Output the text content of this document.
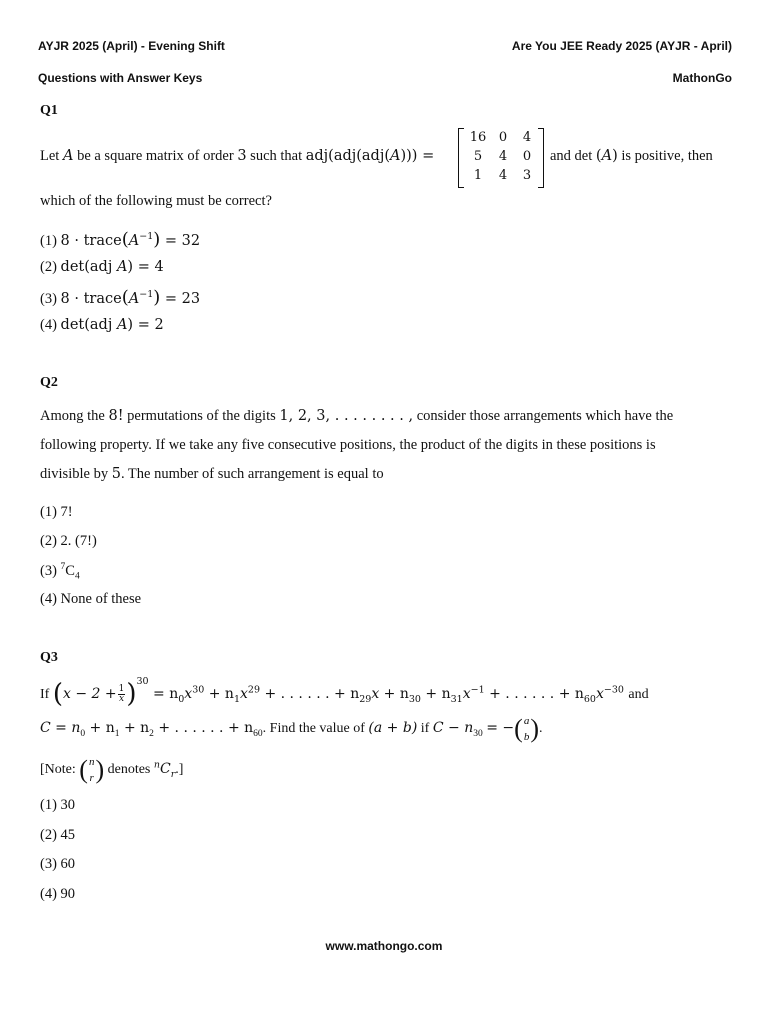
AYJR 2025 (April) - Evening Shift	Are You JEE Ready 2025 (AYJR - April)
Questions with Answer Keys	MathonGo
Q1
Let A be a square matrix of order 3 such that adj(adj(adj(A))) =
16	0	4
5	4	0
1	4	3
and det (A) is positive, then
which of the following must be correct?
(1) $8 \cdot trace(A^{-1}) = 32$
(2) det(adj A) = 4
(3) $8 \cdot trace(A^{-1}) = 23$
(4) det(adj A) = 2
Q2
Among the 8! permutations of the digits 1, 2, 3, . . . . . . . . , consider those arrangements which have the
following property. If we take any five consecutive positions, the product of the digits in these positions is
divisible by 5. The number of such arrangement is equal to
(1) 7!
(2) 2. (7!)
(3) $^7C_4$
(4) None of these
Q3
If $(x - 2 + \frac{1}{x} )^{30} = n_0x^{30} + n_1x^{29}$ + . . . . . . + $n_{29}x + n_{30} + n_{31}x^{-1}$ + . . . . . . + $n_{60}x^{-30}$ and
$C = n_0 + n_1 + n_2$ + . . . . . . + $n_{60}$. Find the value of (a + b) if $C - n_{30}$ = −( a
b ).
[Note: ( n
r ) denotes $^nC_r$.]
(1) 30
(2) 45
(3) 60
(4) 90
www.mathongo.com
